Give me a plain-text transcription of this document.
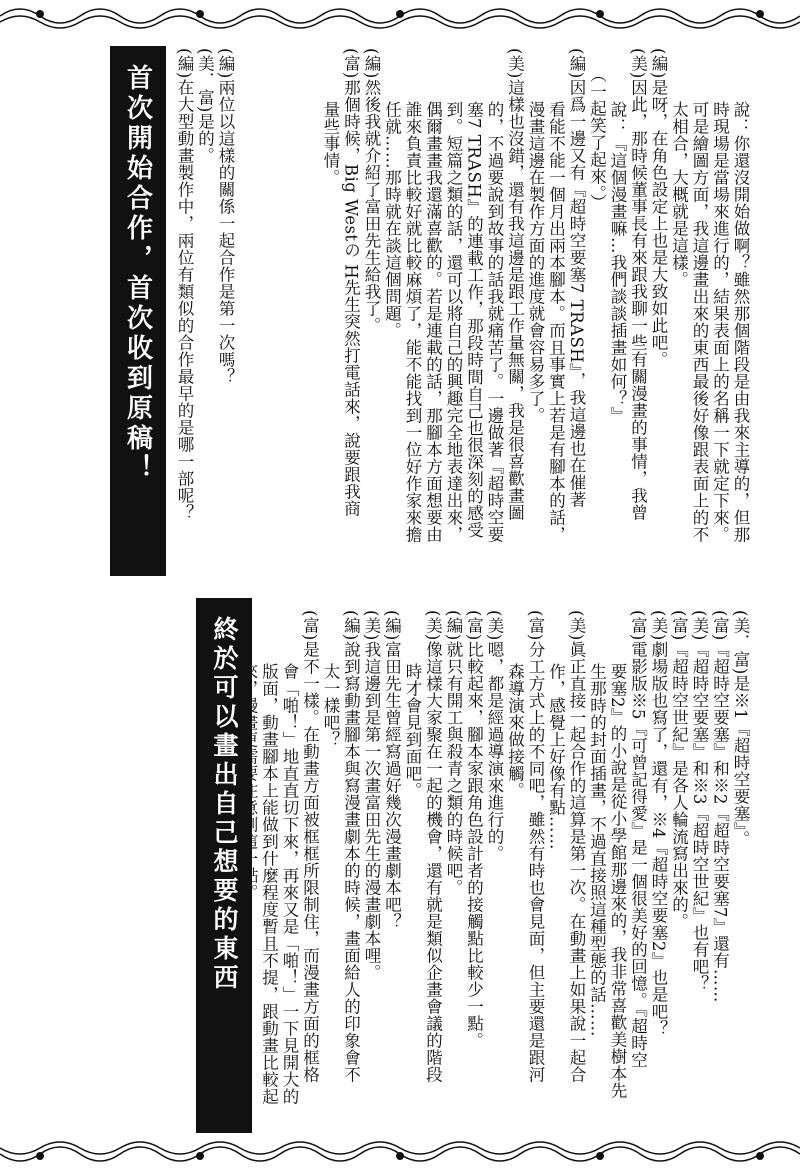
說：你還沒開始做啊？雖然那個階段是由我來主導的，但那
時現場是當場來進行的，結果表面上的名稱一下就定下來。
可是繪圖方面，我這邊畫出來的東西最後好像跟表面上的不
太相合，大概就是這樣。
(編)是呀，在角色設定上也是大致如此吧。
(美)因此，那時候董事長有來跟我聊一些有關漫畫的事情，我曾
說：『這個漫畫嘛…我們談談插畫如何？』
（一起笑了起來。）
(編)因爲一邊又有『超時空要塞7 TRASH』，我這邊也在催著
看能不能一個月出兩本腳本。而且事實上若是有腳本的話，
漫畫這邊在製作方面的進度就會容易多了。
(美)這樣也沒錯，還有我這邊是跟工作量無關，我是很喜歡畫圖
的，不過要說到故事的話我就痛苦了。一邊做著『超時空要
塞7 TRASH』的連載工作，那段時間自己也很深刻的感受
到。短篇之類的話，還可以將自己的興趣完全地表達出來，
偶爾畫畫我還滿喜歡的。若是連載的話，那腳本方面想要由
誰來負責比較好就比較麻煩了，能不能找到一位好作家來擔
任就……那時就在談這個問題。
(編)然後我就介紹了富田先生給我了。
(富)那個時候，Big Westの H先生突然打電話來，說要跟我商
量些事情。
首次開始合作，首次收到原稿！	(編)兩位以這樣的關係一起合作是第一次嗎？
(美．富)是的。
(編)在大型動畫製作中，兩位有類似的合作最早的是哪一部呢？
(美．富)是※1『超時空要塞』。
(富)『超時空要塞』和※2『超時空要塞7』還有……
(美)『超時空要塞』和※3『超時空世紀』也有吧？
(富)『超時空世紀』是各人輪流寫出來的。
(美)劇場版也寫了，還有，※4『超時空要塞2』也是吧？
(富)電影版※5『可曾記得愛』是一個很美好的回憶。『超時空
要塞2』的小說是從小學館那邊來的，我非常喜歡美樹本先
生那時的封面插畫，不過直接照這種型態的話……
(美)眞正直接一起合作的這算是第一次。在動畫上如果說一起合
作，感覺上好像有點……
(富)分工方式上的不同吧，雖然有時也會見面，但主要還是跟河
森導演來做接觸。
(美)嗯，都是經過導演來進行的。
(富)比較起來，腳本家跟角色設計者的接觸點比較少一點。
(編)就只有開工與殺青之類的時候吧。
(美)像這樣大家聚在一起的機會，還有就是類似企畫會議的階段
時才會見到面吧。
(編)富田先生曾經寫過好幾次漫畫劇本吧？
(美)我這邊到是第一次畫富田先生的漫畫劇本哩。
(編)說到寫動畫腳本與寫漫畫劇本的時候，畫面給人的印象會不
太一樣吧？
(富)是不一樣。在動畫方面被框框所限制住，而漫畫方面的框格
會「啪！」地直直切下來，再來又是「啪！」一下見開大的
版面，動畫腳本上能做到什麼程度暫且不提，跟動畫比較起
終於可以畫出自己想要的東西
